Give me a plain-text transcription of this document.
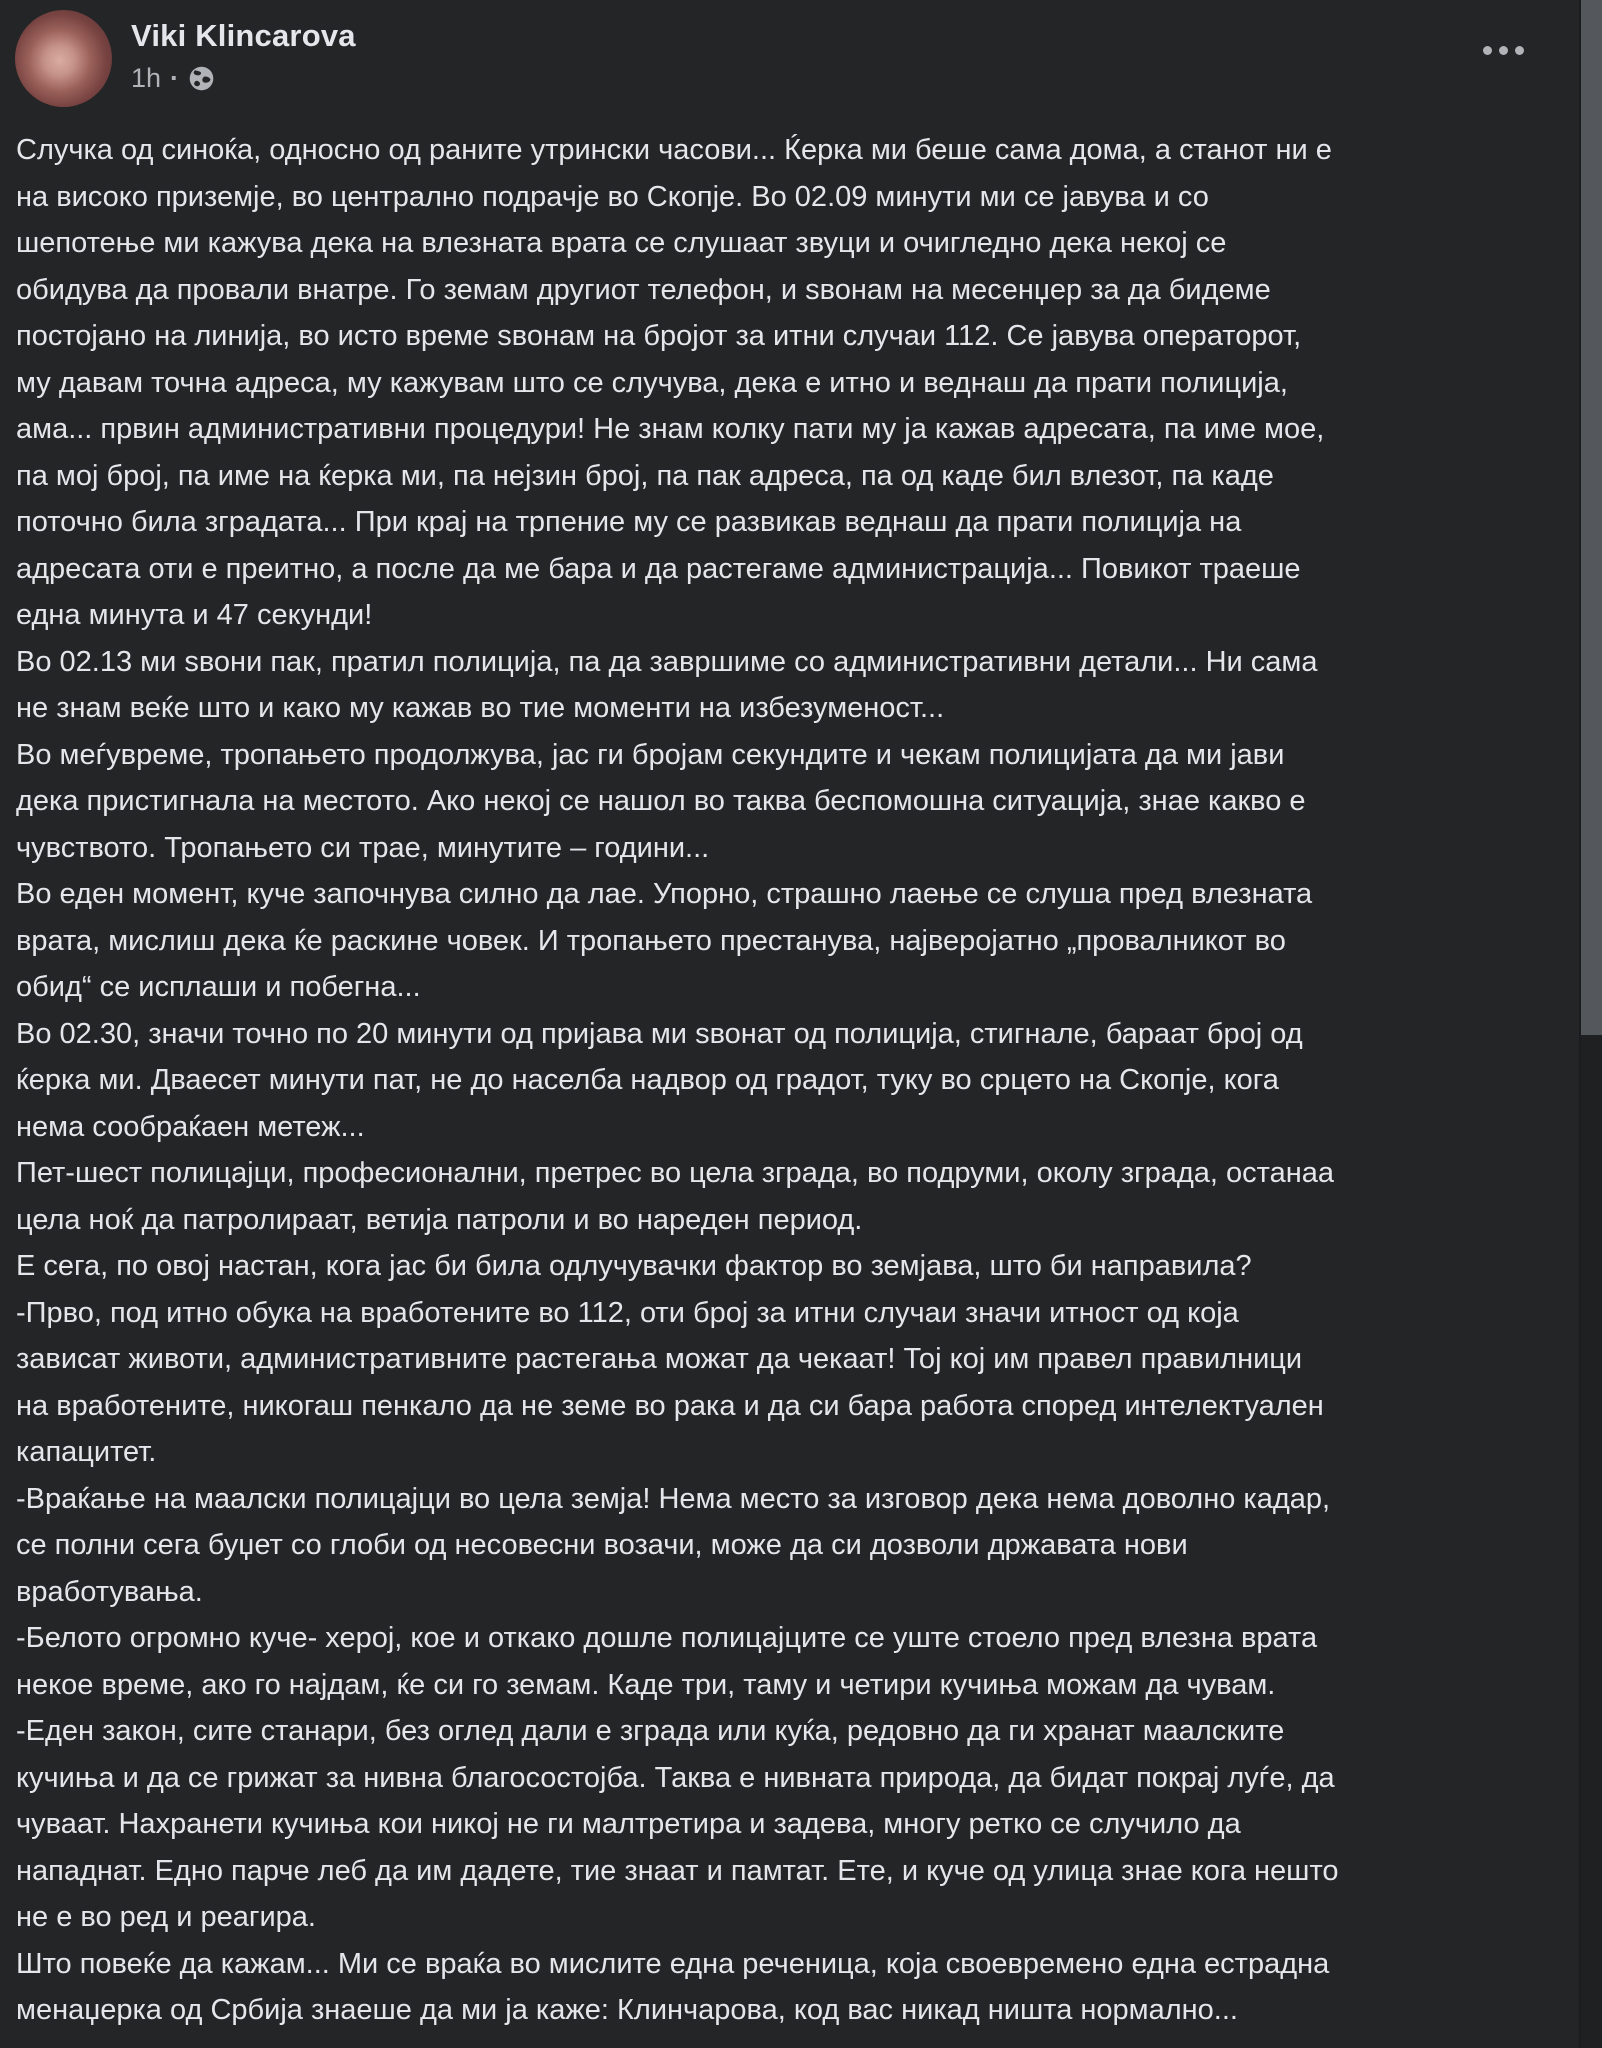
Viki Klincarova
1h ·
Случка од синоќа, односно од раните утрински часови... Ќерка ми беше сама дома, а станот ни е
на високо приземје, во централно подрачје во Скопје. Во 02.09 минути ми се јавува и со
шепотење ми кажува дека на влезната врата се слушаат звуци и очигледно дека некој се
обидува да провали внатре. Го земам другиот телефон, и ѕвонам на месенџер за да бидеме
постојано на линија, во исто време ѕвонам на бројот за итни случаи 112. Се јавува операторот,
му давам точна адреса, му кажувам што се случува, дека е итно и веднаш да прати полиција,
ама... првин административни процедури! Не знам колку пати му ја кажав адресата, па име мое,
па мој број, па име на ќерка ми, па нејзин број, па пак адреса, па од каде бил влезот, па каде
поточно била зградата... При крај на трпение му се развикав веднаш да прати полиција на
адресата оти е преитно, а после да ме бара и да растегаме администрација... Повикот траеше
една минута и 47 секунди!
Во 02.13 ми ѕвони пак, пратил полиција, па да завршиме со административни детали... Ни сама
не знам веќе што и како му кажав во тие моменти на избезуменост...
Во меѓувреме, тропањето продолжува, јас ги бројам секундите и чекам полицијата да ми јави
дека пристигнала на местото. Ако некој се нашол во таква беспомошна ситуација, знае какво е
чувството. Тропањето си трае, минутите – години...
Во еден момент, куче започнува силно да лае. Упорно, страшно лаење се слуша пред влезната
врата, мислиш дека ќе раскине човек. И тропањето престанува, најверојатно „провалникот во
обид“ се исплаши и побегна...
Во 02.30, значи точно по 20 минути од пријава ми ѕвонат од полиција, стигнале, бараат број од
ќерка ми. Дваесет минути пат, не до населба надвор од градот, туку во срцето на Скопје, кога
нема сообраќаен метеж...
Пет-шест полицајци, професионални, претрес во цела зграда, во подруми, околу зграда, останаа
цела ноќ да патролираат, ветија патроли и во нареден период.
Е сега, по овој настан, кога јас би била одлучувачки фактор во земјава, што би направила?
-Прво, под итно обука на вработените во 112, оти број за итни случаи значи итност од која
зависат животи, административните растегања можат да чекаат! Тој кој им правел правилници
на вработените, никогаш пенкало да не земе во рака и да си бара работа според интелектуален
капацитет.
-Враќање на маалски полицајци во цела земја! Нема место за изговор дека нема доволно кадар,
се полни сега буџет со глоби од несовесни возачи, може да си дозволи државата нови
вработувања.
-Белото огромно куче- херој, кое и откако дошле полицајците се уште стоело пред влезна врата
некое време, ако го најдам, ќе си го земам. Каде три, таму и четири кучиња можам да чувам.
-Еден закон, сите станари, без оглед дали е зграда или куќа, редовно да ги хранат маалските
кучиња и да се грижат за нивна благосостојба. Таква е нивната природа, да бидат покрај луѓе, да
чуваат. Нахранети кучиња кои никој не ги малтретира и задева, многу ретко се случило да
нападнат. Едно парче леб да им дадете, тие знаат и памтат. Ете, и куче од улица знае кога нешто
не е во ред и реагира.
Што повеќе да кажам... Ми се враќа во мислите една реченица, која своевремено една естрадна
менаџерка од Србија знаеше да ми ја каже: Клинчарова, код вас никад ништа нормално...
